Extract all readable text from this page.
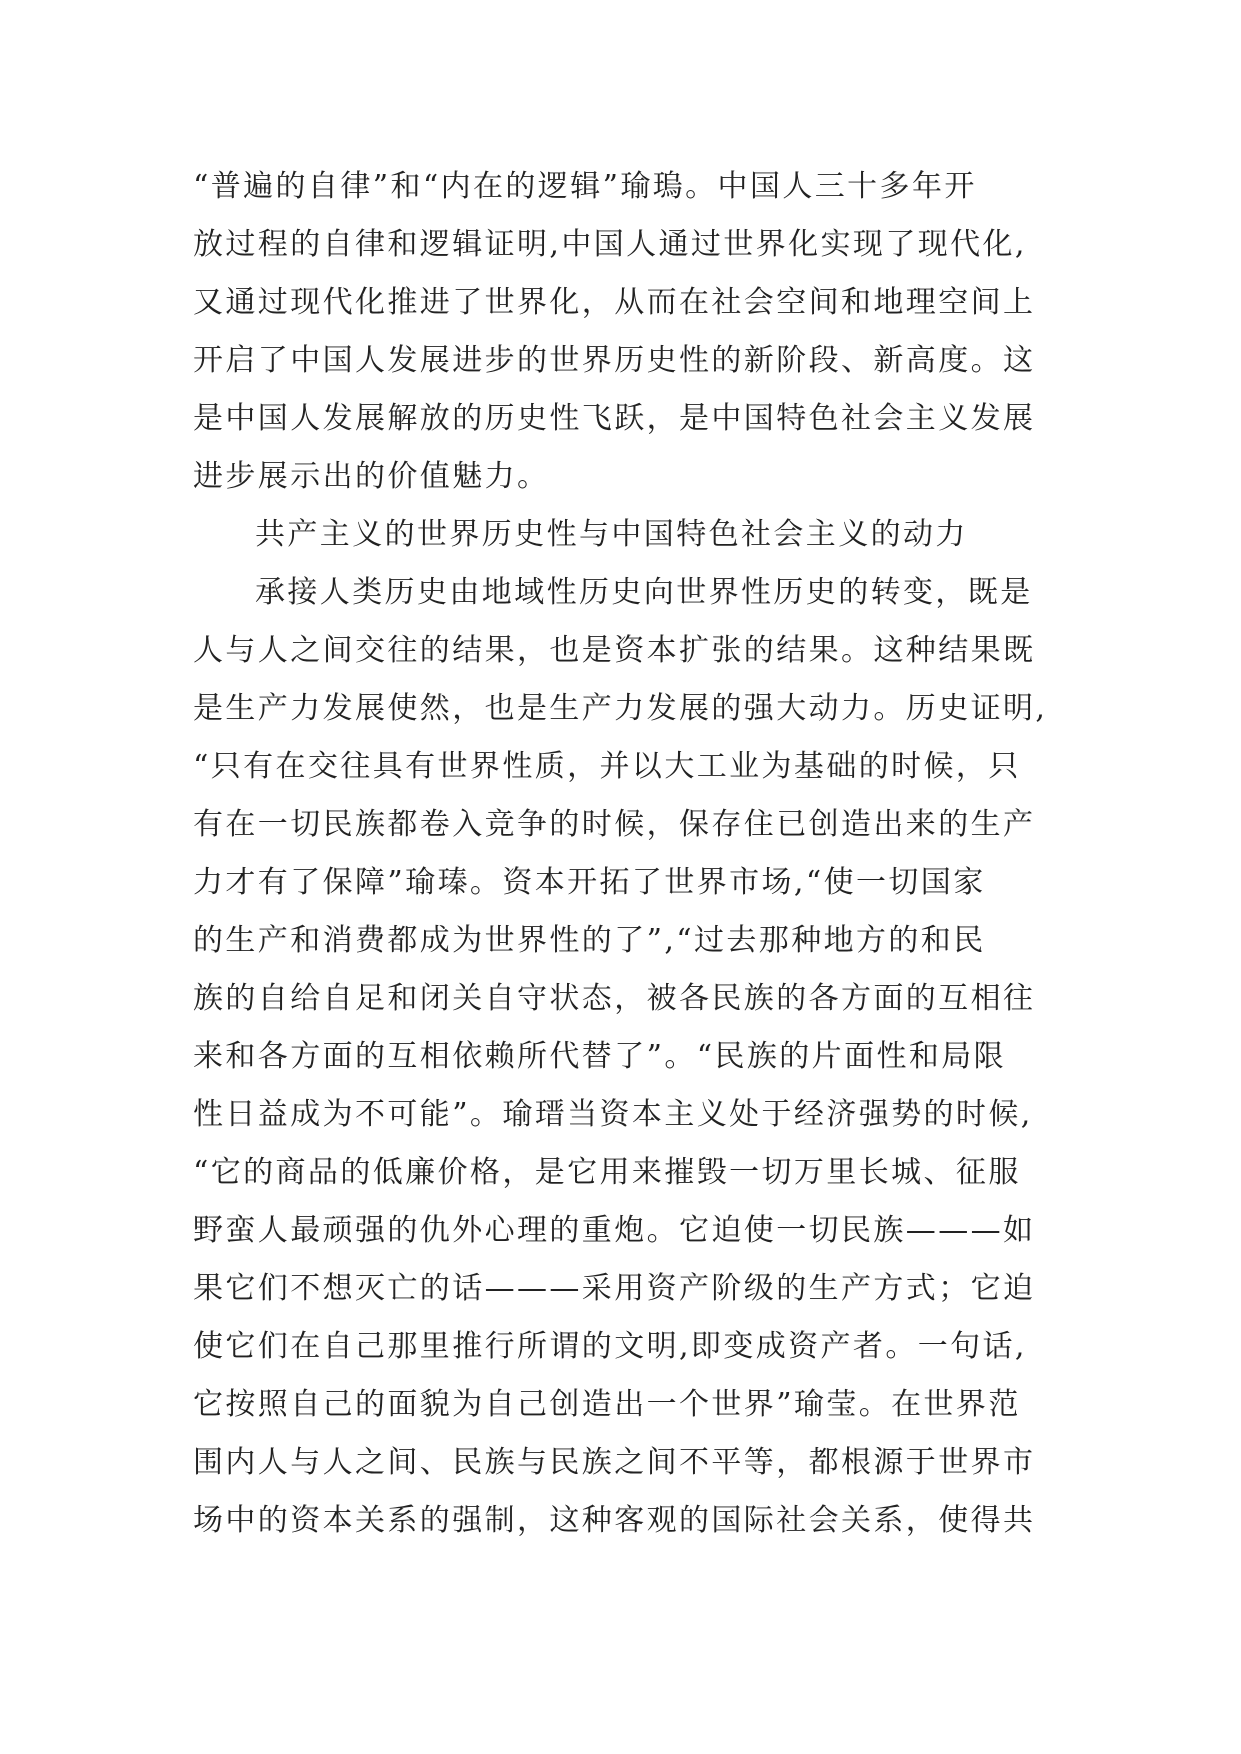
“普遍的自律”和“内在的逻辑”瑜瑦。中国人三十多年开
放过程的自律和逻辑证明,中国人通过世界化实现了现代化,
又通过现代化推进了世界化，从而在社会空间和地理空间上
开启了中国人发展进步的世界历史性的新阶段、新高度。这
是中国人发展解放的历史性飞跃，是中国特色社会主义发展
进步展示出的价值魅力。
共产主义的世界历史性与中国特色社会主义的动力
承接人类历史由地域性历史向世界性历史的转变，既是
人与人之间交往的结果，也是资本扩张的结果。这种结果既
是生产力发展使然，也是生产力发展的强大动力。历史证明,
“只有在交往具有世界性质，并以大工业为基础的时候，只
有在一切民族都卷入竞争的时候，保存住已创造出来的生产
力才有了保障”瑜瑧。资本开拓了世界市场,“使一切国家
的生产和消费都成为世界性的了”,“过去那种地方的和民
族的自给自足和闭关自守状态，被各民族的各方面的互相往
来和各方面的互相依赖所代替了”。“民族的片面性和局限
性日益成为不可能”。瑜瑨当资本主义处于经济强势的时候,
“它的商品的低廉价格，是它用来摧毁一切万里长城、征服
野蛮人最顽强的仇外心理的重炮。它迫使一切民族———如
果它们不想灭亡的话———采用资产阶级的生产方式；它迫
使它们在自己那里推行所谓的文明,即变成资产者。一句话,
它按照自己的面貌为自己创造出一个世界”瑜莹。在世界范
围内人与人之间、民族与民族之间不平等，都根源于世界市
场中的资本关系的强制，这种客观的国际社会关系，使得共
